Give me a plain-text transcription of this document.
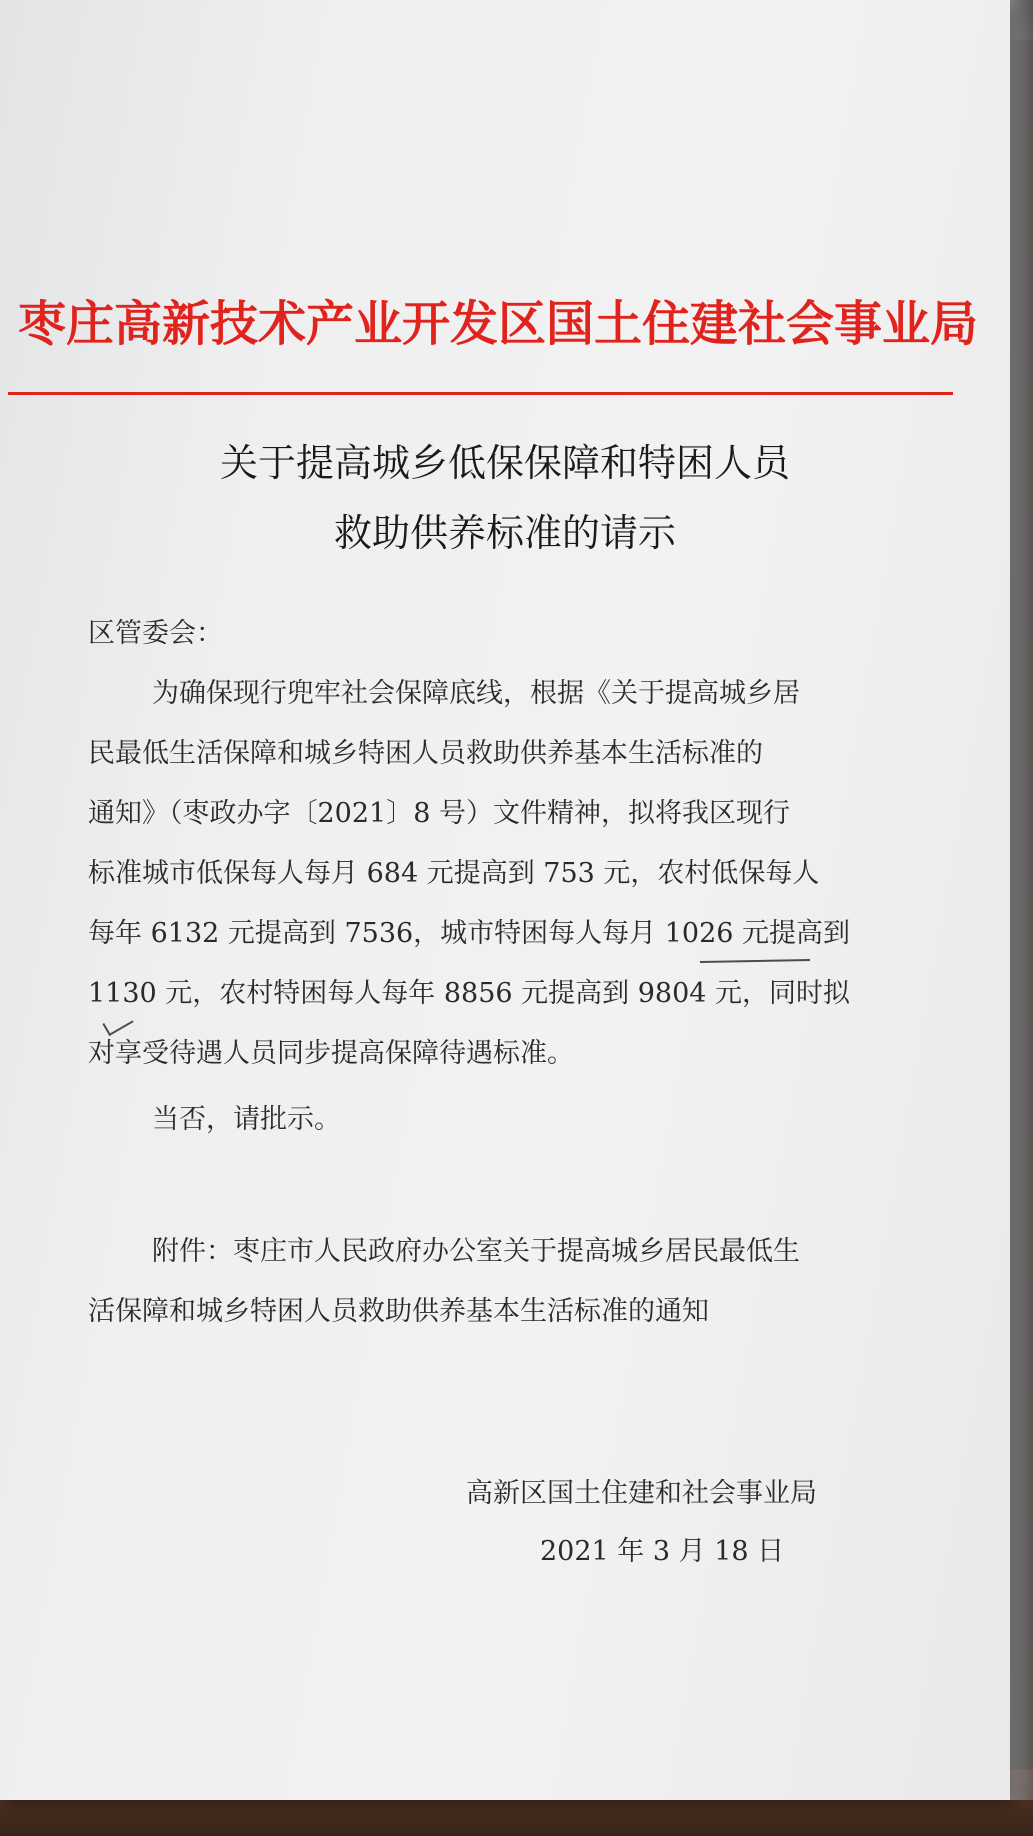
枣庄高新技术产业开发区国土住建社会事业局
关于提高城乡低保保障和特困人员
救助供养标准的请示
区管委会：
为确保现行兜牢社会保障底线，根据《关于提高城乡居
民最低生活保障和城乡特困人员救助供养基本生活标准的
通知》（枣政办字〔2021〕8 号）文件精神，拟将我区现行
标准城市低保每人每月 684 元提高到 753 元，农村低保每人
每年 6132 元提高到 7536，城市特困每人每月 1026 元提高到
1130 元，农村特困每人每年 8856 元提高到 9804 元，同时拟
对享受待遇人员同步提高保障待遇标准。
当否，请批示。
附件：枣庄市人民政府办公室关于提高城乡居民最低生
活保障和城乡特困人员救助供养基本生活标准的通知
高新区国土住建和社会事业局
2021 年 3 月 18 日
